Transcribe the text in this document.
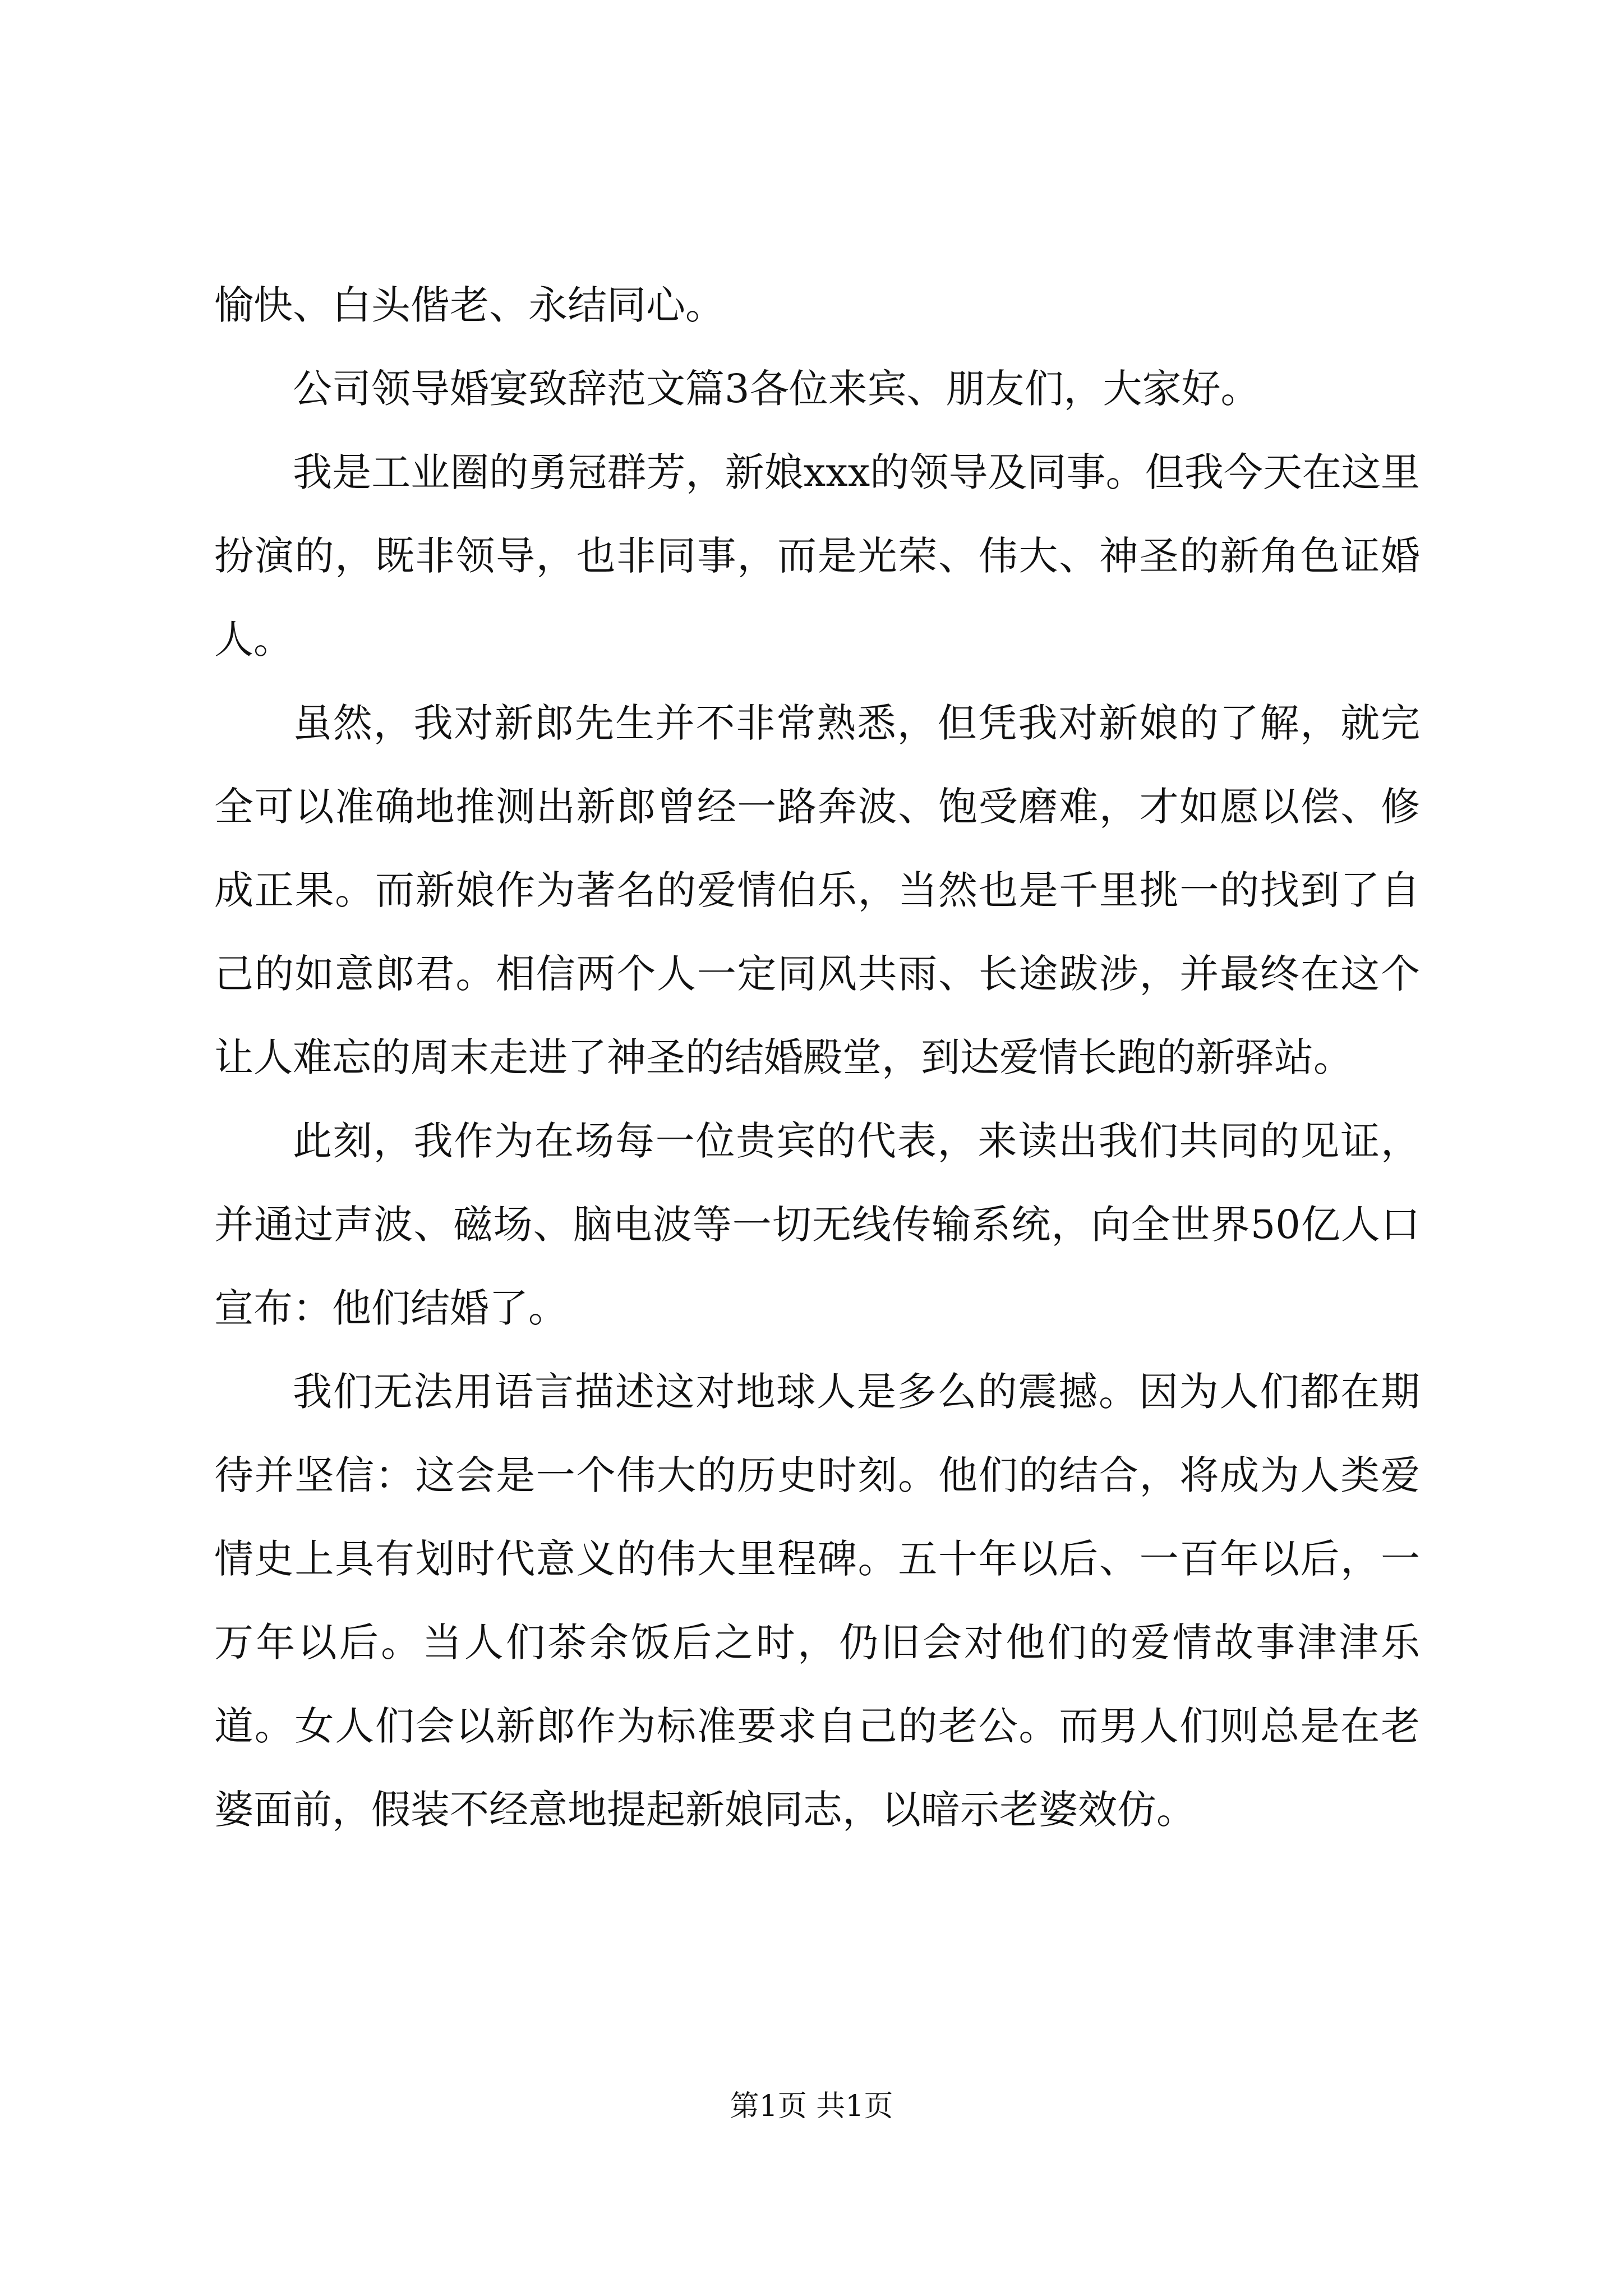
愉快、白头偕老、永结同心。

公司领导婚宴致辞范文篇3各位来宾、朋友们，大家好。

我是工业圈的勇冠群芳，新娘xxx的领导及同事。但我今天在这里扮演的，既非领导，也非同事，而是光荣、伟大、神圣的新角色证婚人。

虽然，我对新郎先生并不非常熟悉，但凭我对新娘的了解，就完全可以准确地推测出新郎曾经一路奔波、饱受磨难，才如愿以偿、修成正果。而新娘作为著名的爱情伯乐，当然也是千里挑一的找到了自己的如意郎君。相信两个人一定同风共雨、长途跋涉，并最终在这个让人难忘的周末走进了神圣的结婚殿堂，到达爱情长跑的新驿站。

此刻，我作为在场每一位贵宾的代表，来读出我们共同的见证，并通过声波、磁场、脑电波等一切无线传输系统，向全世界50亿人口宣布：他们结婚了。

我们无法用语言描述这对地球人是多么的震撼。因为人们都在期待并坚信：这会是一个伟大的历史时刻。他们的结合，将成为人类爱情史上具有划时代意义的伟大里程碑。五十年以后、一百年以后，一万年以后。当人们茶余饭后之时，仍旧会对他们的爱情故事津津乐道。女人们会以新郎作为标准要求自己的老公。而男人们则总是在老婆面前，假装不经意地提起新娘同志，以暗示老婆效仿。

第1页 共1页
